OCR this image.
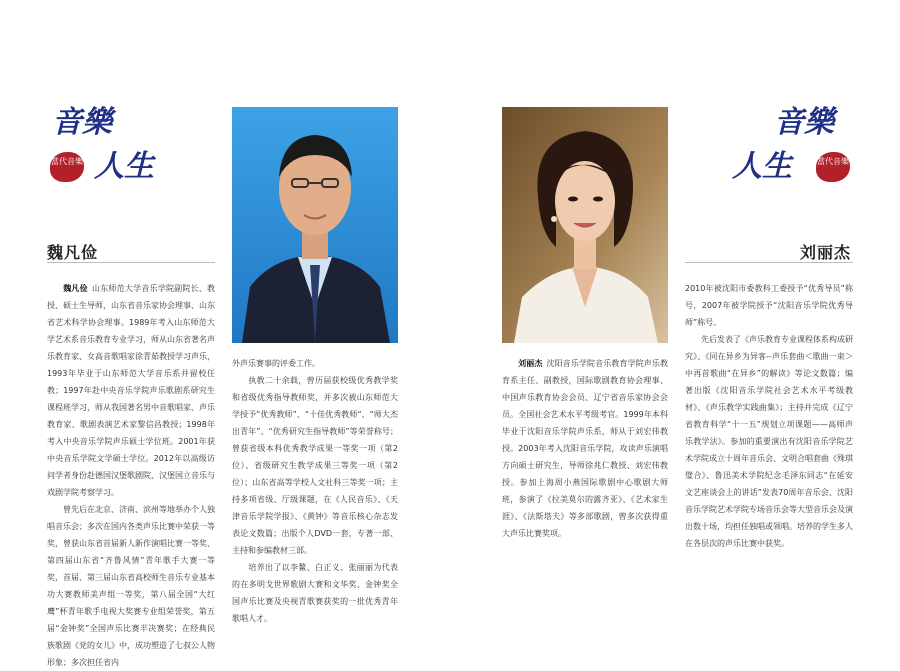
音樂
當代音樂 人生
魏凡俭

  魏凡俭  山东师范大学音乐学院副院长、教授、硕士生导师，山东省音乐家协会理事、山东省艺术科学协会理事。1989年考入山东师范大学艺术系音乐教育专业学习，师从山东省著名声乐教育家、女高音歌唱家徐青茹教授学习声乐，1993年毕业于山东师范大学音乐系并留校任教；1997年赴中央音乐学院声乐歌剧系研究生课程班学习，师从我国著名男中音歌唱家、声乐教育家、歌剧表演艺术家黎信昌教授；1998年考入中央音乐学院声乐硕士学位班。2001年获中央音乐学院文学硕士学位。2012年以高级访问学者身份赴德国汉堡歌剧院、汉堡国立音乐与戏剧学院考察学习。

  曾先后在北京、济南、滨州等地举办个人独唱音乐会；多次在国内各类声乐比赛中荣获一等奖，曾获山东省首届新人新作演唱比赛一等奖、第四届山东省“齐鲁风情”青年歌手大赛一等奖，首届、第三届山东省高校师生音乐专业基本功大赛教师美声组一等奖，第八届全国“大红鹰”杯青年歌手电视大奖赛专业组荣誉奖，第五届“金钟奖”全国声乐比赛半决赛奖；在经典民族歌剧《党的女儿》中，成功塑造了七叔公人物形象；多次担任省内

外声乐赛事的评委工作。

  执教二十余载，曾历届获校级优秀教学奖和省级优秀指导教师奖，并多次被山东师范大学授予“优秀教师”、“十佳优秀教师”、“师大杰出青年”、“优秀研究生指导教师”等荣誉称号；曾获省级本科优秀教学成果一等奖一项（第2位）、省级研究生教学成果三等奖一项（第2位）；山东省高等学校人文社科三等奖一项；主持多项省级、厅级课题，在《人民音乐》、《天津音乐学院学报》、《黄钟》等音乐核心杂志发表论文数篇；出版个人DVD一套，专著一部、主持和参编教材三部。

  培养出了以李鳌、白正义、张丽丽为代表的在多明戈世界歌剧大赛和文华奖、金钟奖全国声乐比赛及央视青歌赛获奖的一批优秀青年歌唱人才。

  刘丽杰  沈阳音乐学院音乐教育学院声乐教育系主任、副教授，国际歌剧教育协会理事、中国声乐教育协会会员、辽宁省音乐家协会会员。全国社会艺术水平考级考官。1999年本科毕业于沈阳音乐学院声乐系，师从于刘宏伟教授。2003年考入沈阳音乐学院，攻读声乐演唱方向硕士研究生，导师徐兆仁教授、刘宏伟教授。参加上海周小燕国际歌剧中心歌剧大师班，参演了《拉美莫尔的露齐亚》、《艺术家生涯》、《法斯塔夫》等多部歌剧，曾多次获得重大声乐比赛奖项。

音樂
人生	當代音樂
刘丽杰

2010年被沈阳市委教科工委授予“优秀导员”称号，2007年被学院授予“沈阳音乐学院优秀导师”称号。

  先后发表了《声乐教育专业课程体系构成研究》、《同在异乡为异客--声乐套曲＜歌曲一束＞中再首歌曲“在异乡”的解读》等论文数篇；编著出版《沈阳音乐学院社会艺术水平考级教材》、《声乐教学实践曲集》；主持并完成《辽宁省教育科学“十一五”规划立项课题——高师声乐教学法》。参加的重要演出有沈阳音乐学院艺术学院成立十周年音乐会、文明合唱套曲《殊琪璧合》、鲁迅美术学院纪念毛泽东同志“在延安文艺座谈会上的讲话”发表70周年音乐会、沈阳音乐学院艺术学院专场音乐会等大型音乐会及演出数十场，均担任独唱或领唱。培养的学生多人在各层次的声乐比赛中获奖。
